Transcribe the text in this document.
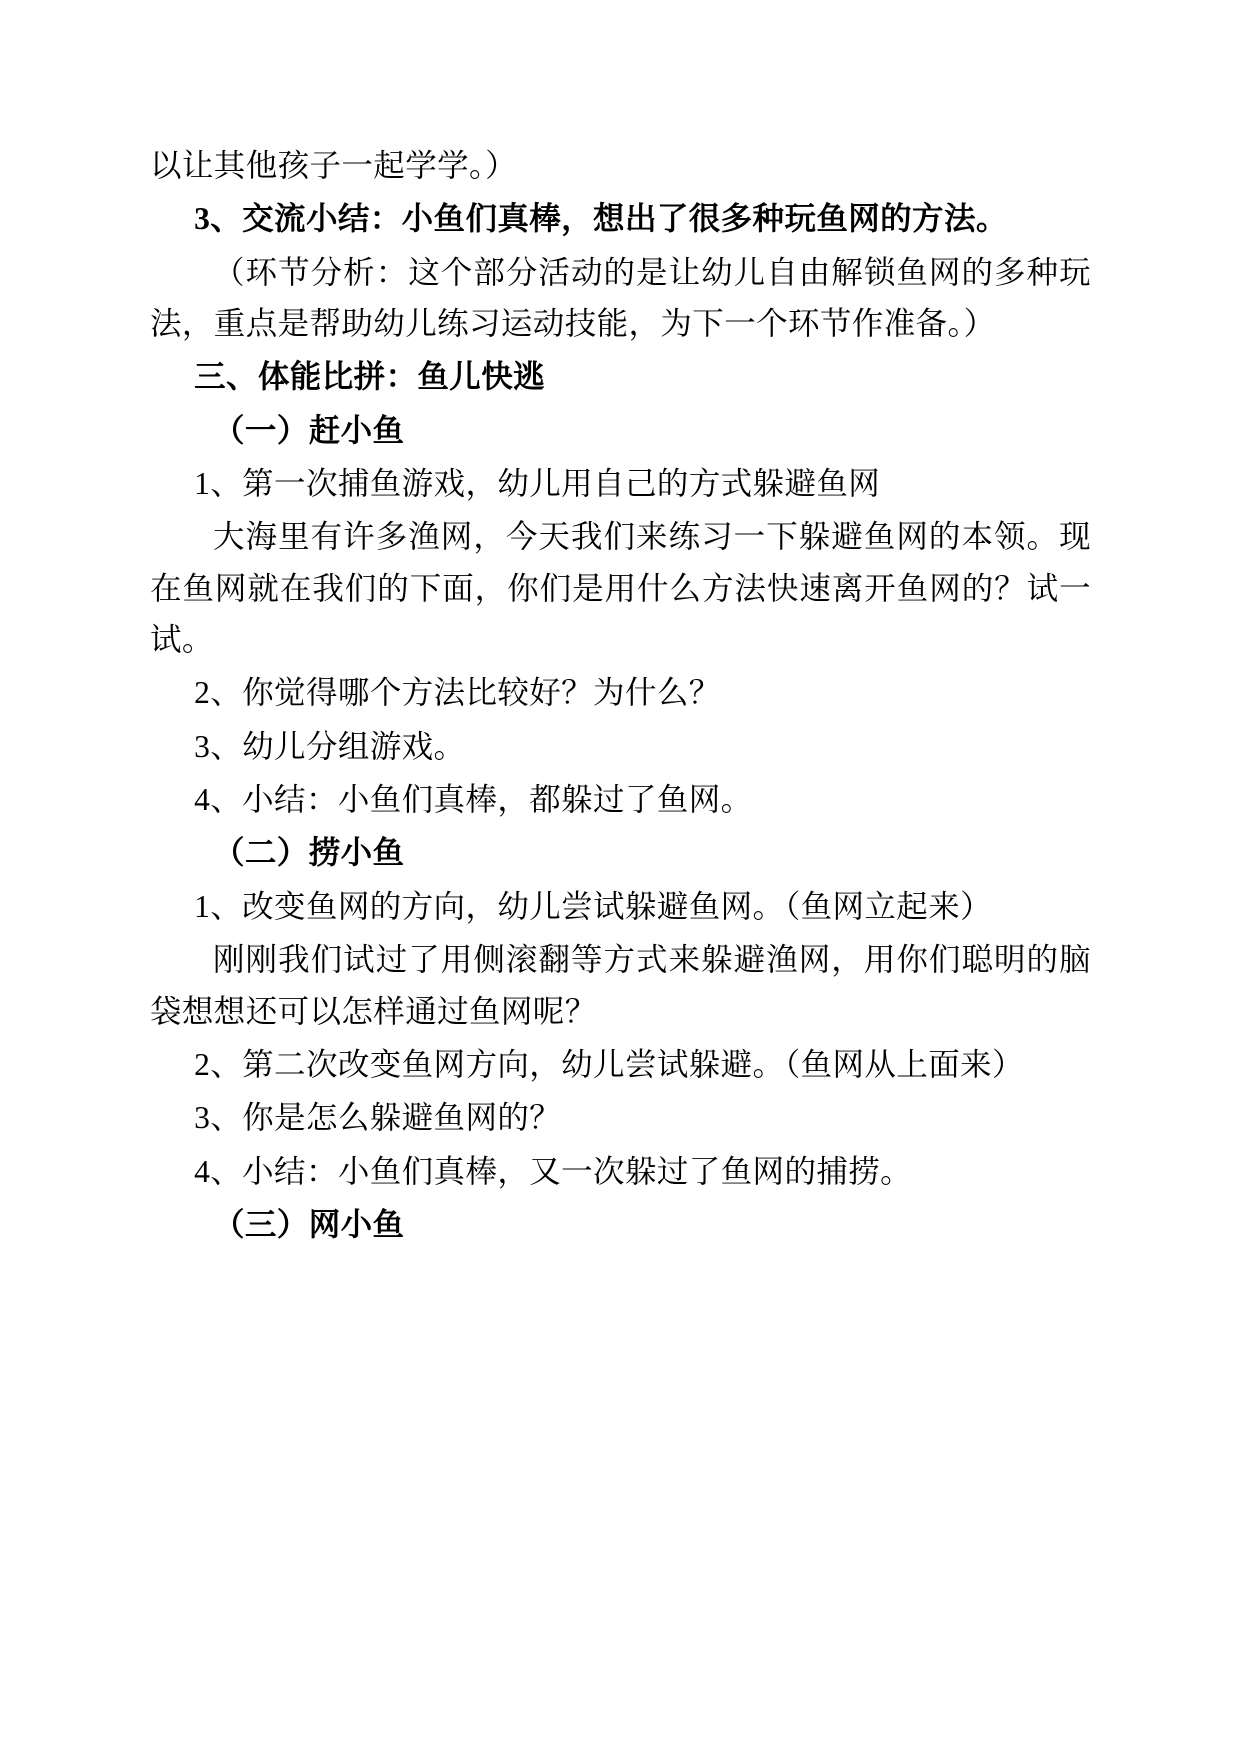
以让其他孩子一起学学。）

3、交流小结：小鱼们真棒，想出了很多种玩鱼网的方法。

（环节分析：这个部分活动的是让幼儿自由解锁鱼网的多种玩法，重点是帮助幼儿练习运动技能，为下一个环节作准备。）

三、体能比拼：鱼儿快逃

（一）赶小鱼

1、第一次捕鱼游戏，幼儿用自己的方式躲避鱼网

大海里有许多渔网，今天我们来练习一下躲避鱼网的本领。现在鱼网就在我们的下面，你们是用什么方法快速离开鱼网的？试一试。

2、你觉得哪个方法比较好？为什么？

3、幼儿分组游戏。

4、小结：小鱼们真棒，都躲过了鱼网。

（二）捞小鱼

1、改变鱼网的方向，幼儿尝试躲避鱼网。（鱼网立起来）

刚刚我们试过了用侧滚翻等方式来躲避渔网，用你们聪明的脑袋想想还可以怎样通过鱼网呢？

2、第二次改变鱼网方向，幼儿尝试躲避。（鱼网从上面来）

3、你是怎么躲避鱼网的？

4、小结：小鱼们真棒，又一次躲过了鱼网的捕捞。

（三）网小鱼
